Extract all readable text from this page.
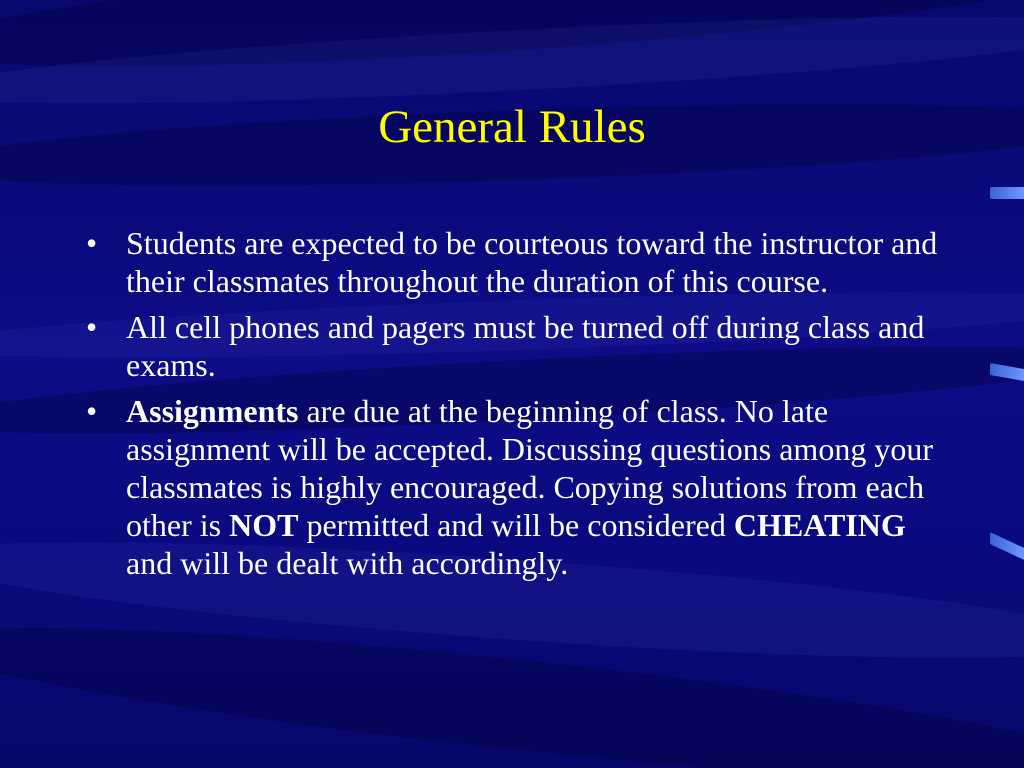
General Rules
• Students are expected to be courteous toward the instructor and their classmates throughout the duration of this course.
• All cell phones and pagers must be turned off during class and exams.
• Assignments are due at the beginning of class. No late assignment will be accepted. Discussing questions among your classmates is highly encouraged. Copying solutions from each other is NOT permitted and will be considered CHEATING and will be dealt with accordingly.
